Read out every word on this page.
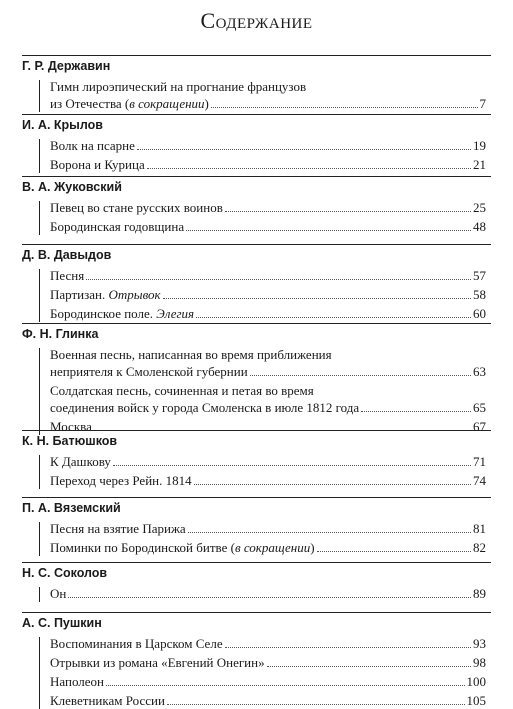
Содержание
Г. Р. Державин
Гимн лироэпический на прогнание французов
из Отечества (в сокращении)	7
И. А. Крылов
Волк на псарне	19
Ворона и Курица	21
В. А. Жуковский
Певец во стане русских воинов	25
Бородинская годовщина	48
Д. В. Давыдов
Песня	57
Партизан. Отрывок	58
Бородинское поле. Элегия	60
Ф. Н. Глинка
Военная песнь, написанная во время приближения
неприятеля к Смоленской губернии	63
Солдатская песнь, сочиненная и петая во время
соединения войск у города Смоленска в июле 1812 года	65
Москва	67
К. Н. Батюшков
К Дашкову	71
Переход через Рейн. 1814	74
П. А. Вяземский
Песня на взятие Парижа	81
Поминки по Бородинской битве (в сокращении)	82
Н. С. Соколов
Он	89
А. С. Пушкин
Воспоминания в Царском Селе	93
Отрывки из романа «Евгений Онегин»	98
Наполеон	100
Клеветникам России	105
